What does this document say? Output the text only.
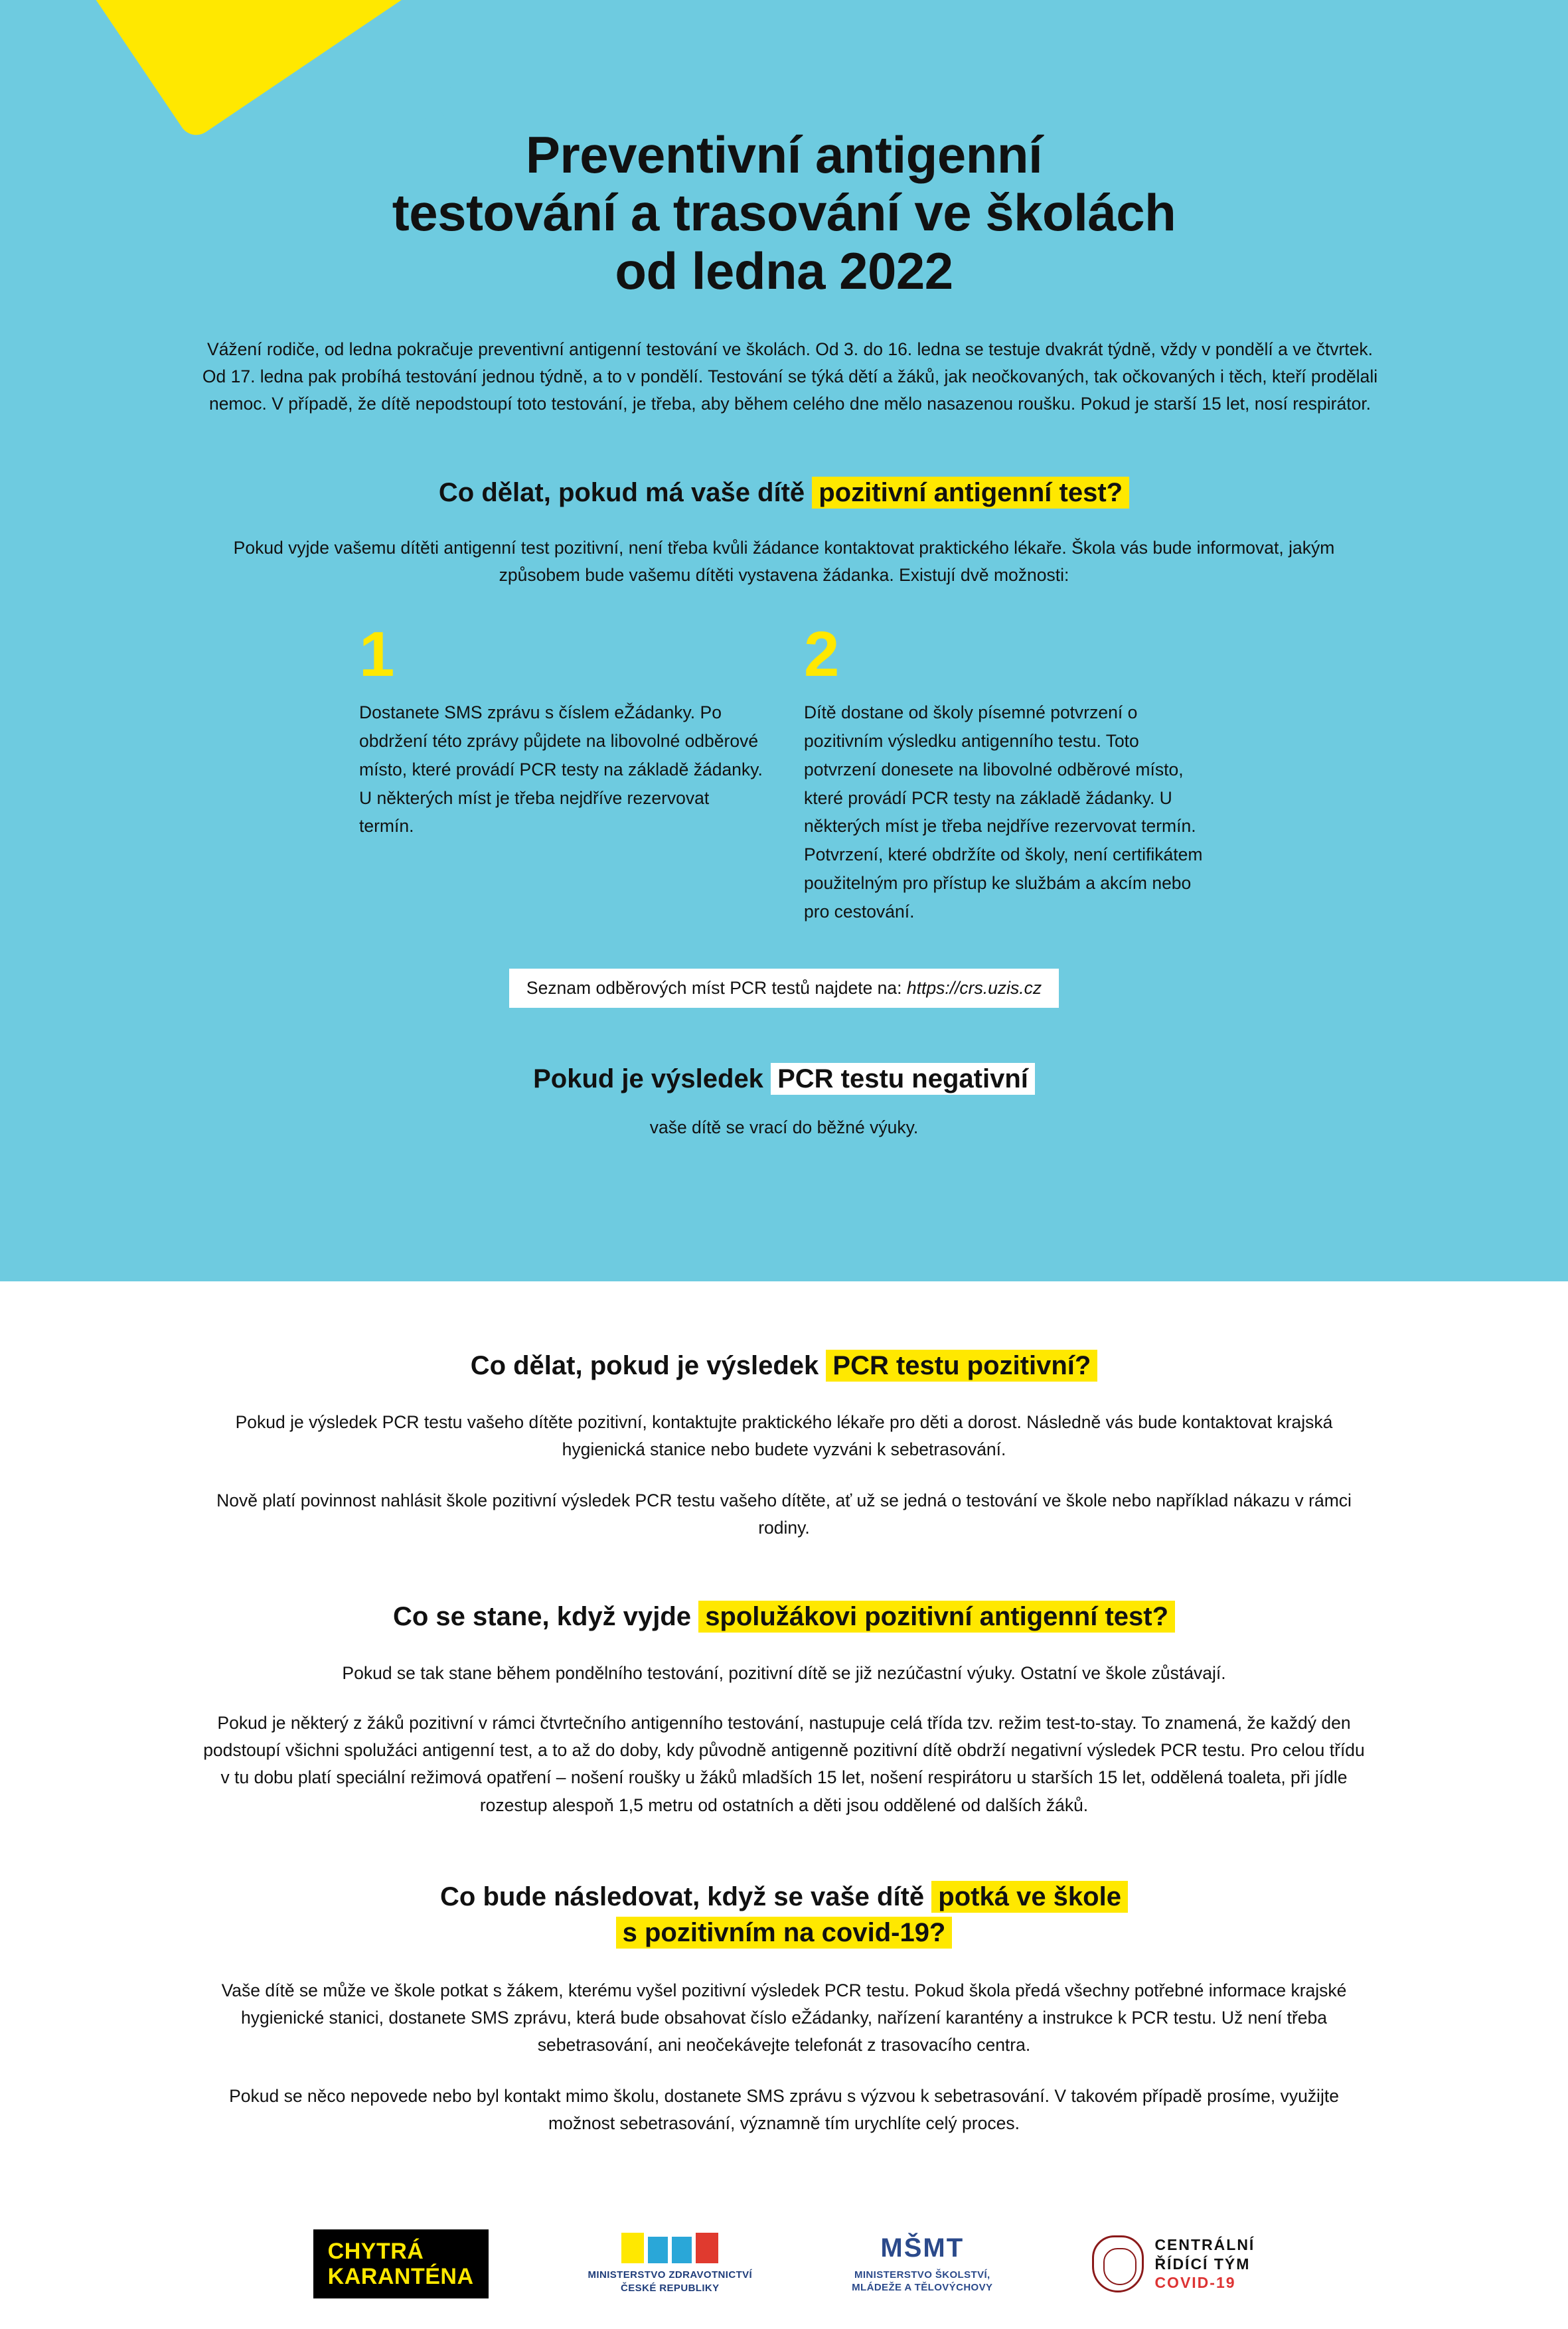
Preventivní antigenní
testování a trasování ve školách
od ledna 2022

Vážení rodiče, od ledna pokračuje preventivní antigenní testování ve školách. Od 3. do 16. ledna se testuje dvakrát týdně, vždy v pondělí a ve čtvrtek. Od 17. ledna pak probíhá testování jednou týdně, a to v pondělí. Testování se týká dětí a žáků, jak neočkovaných, tak očkovaných i těch, kteří prodělali nemoc. V případě, že dítě nepodstoupí toto testování, je třeba, aby během celého dne mělo nasazenou roušku. Pokud je starší 15 let, nosí respirátor.

Co dělat, pokud má vaše dítě pozitivní antigenní test?

Pokud vyjde vašemu dítěti antigenní test pozitivní, není třeba kvůli žádance kontaktovat praktického lékaře. Škola vás bude informovat, jakým způsobem bude vašemu dítěti vystavena žádanka. Existují dvě možnosti:

1
Dostanete SMS zprávu s číslem eŽádanky. Po obdržení této zprávy půjdete na libovolné odběrové místo, které provádí PCR testy na základě žádanky. U některých míst je třeba nejdříve rezervovat termín.
2
Dítě dostane od školy písemné potvrzení o pozitivním výsledku antigenního testu. Toto potvrzení donesete na libovolné odběrové místo, které provádí PCR testy na základě žádanky. U některých míst je třeba nejdříve rezervovat termín. Potvrzení, které obdržíte od školy, není certifikátem použitelným pro přístup ke službám a akcím nebo pro cestování.
Seznam odběrových míst PCR testů najdete na: https://crs.uzis.cz
Pokud je výsledek PCR testu negativní

vaše dítě se vrací do běžné výuky.

Co dělat, pokud je výsledek PCR testu pozitivní?

Pokud je výsledek PCR testu vašeho dítěte pozitivní, kontaktujte praktického lékaře pro děti a dorost. Následně vás bude kontaktovat krajská hygienická stanice nebo budete vyzváni k sebetrasování.

Nově platí povinnost nahlásit škole pozitivní výsledek PCR testu vašeho dítěte, ať už se jedná o testování ve škole nebo například nákazu v rámci rodiny.

Co se stane, když vyjde spolužákovi pozitivní antigenní test?

Pokud se tak stane během pondělního testování, pozitivní dítě se již nezúčastní výuky. Ostatní ve škole zůstávají.

Pokud je některý z žáků pozitivní v rámci čtvrtečního antigenního testování, nastupuje celá třída tzv. režim test-to-stay. To znamená, že každý den podstoupí všichni spolužáci antigenní test, a to až do doby, kdy původně antigenně pozitivní dítě obdrží negativní výsledek PCR testu. Pro celou třídu v tu dobu platí speciální režimová opatření – nošení roušky u žáků mladších 15 let, nošení respirátoru u starších 15 let, oddělená toaleta, při jídle rozestup alespoň 1,5 metru od ostatních a děti jsou oddělené od dalších žáků.

Co bude následovat, když se vaše dítě potká ve škole
s pozitivním na covid-19?

Vaše dítě se může ve škole potkat s žákem, kterému vyšel pozitivní výsledek PCR testu. Pokud škola předá všechny potřebné informace krajské hygienické stanici, dostanete SMS zprávu, která bude obsahovat číslo eŽádanky, nařízení karantény a instrukce k PCR testu. Už není třeba sebetrasování, ani neočekávejte telefonát z trasovacího centra.

Pokud se něco nepovede nebo byl kontakt mimo školu, dostanete SMS zprávu s výzvou k sebetrasování. V takovém případě prosíme, využijte možnost sebetrasování, významně tím urychlíte celý proces.

CHYTRÁ
KARANTÉNA	MINISTERSTVO ZDRAVOTNICTVÍ
ČESKÉ REPUBLIKY
MŠMT
MINISTERSTVO ŠKOLSTVÍ,
MLÁDEŽE A TĚLOVÝCHOVY
CENTRÁLNÍ
ŘÍDÍCÍ TÝM
COVID-19
